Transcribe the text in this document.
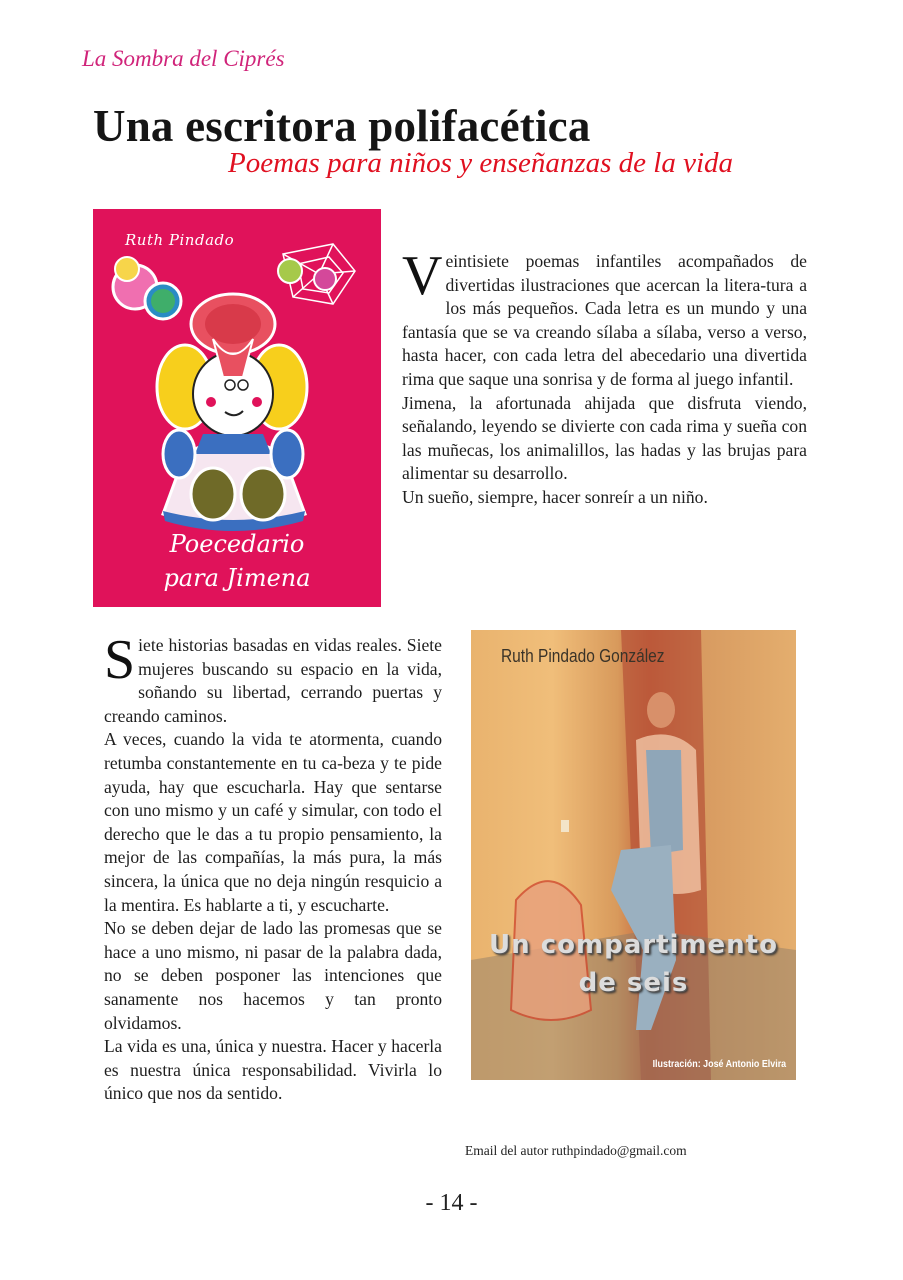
La Sombra del Ciprés
Una escritora polifacética
Poemas para niños y enseñanzas de la vida
Ruth Pindado
Poecedario
para Jimena
V eintisiete poemas infantiles acompañados de divertidas ilustraciones que acercan la litera-tura a los más pequeños. Cada letra es un mundo y una fantasía que se va creando sílaba a sílaba, verso a verso, hasta hacer, con cada letra del abecedario una divertida rima que saque una sonrisa y de forma al juego infantil.

Jimena, la afortunada ahijada que disfruta viendo, señalando, leyendo se divierte con cada rima y sueña con las muñecas, los animalillos, las hadas y las brujas para alimentar su desarrollo.

Un sueño, siempre, hacer sonreír a un niño.

S iete historias basadas en vidas reales. Siete mujeres buscando su espacio en la vida, soñando su libertad, cerrando puertas y creando caminos.

A veces, cuando la vida te atormenta, cuando retumba constantemente en tu ca-beza y te pide ayuda, hay que escucharla. Hay que sentarse con uno mismo y un café y simular, con todo el derecho que le das a tu propio pensamiento, la mejor de las compañías, la más pura, la más sincera, la única que no deja ningún resquicio a la mentira. Es hablarte a ti, y escucharte.

No se deben dejar de lado las promesas que se hace a uno mismo, ni pasar de la palabra dada, no se deben posponer las intenciones que sanamente nos hacemos y tan pronto olvidamos.

La vida es una, única y nuestra. Hacer y hacerla es nuestra única responsabilidad. Vivirla lo único que nos da sentido.

Ruth Pindado González
Un compartimento
de seis
Ilustración: José Antonio Elvira
Email del autor ruthpindado@gmail.com
- 14 -
